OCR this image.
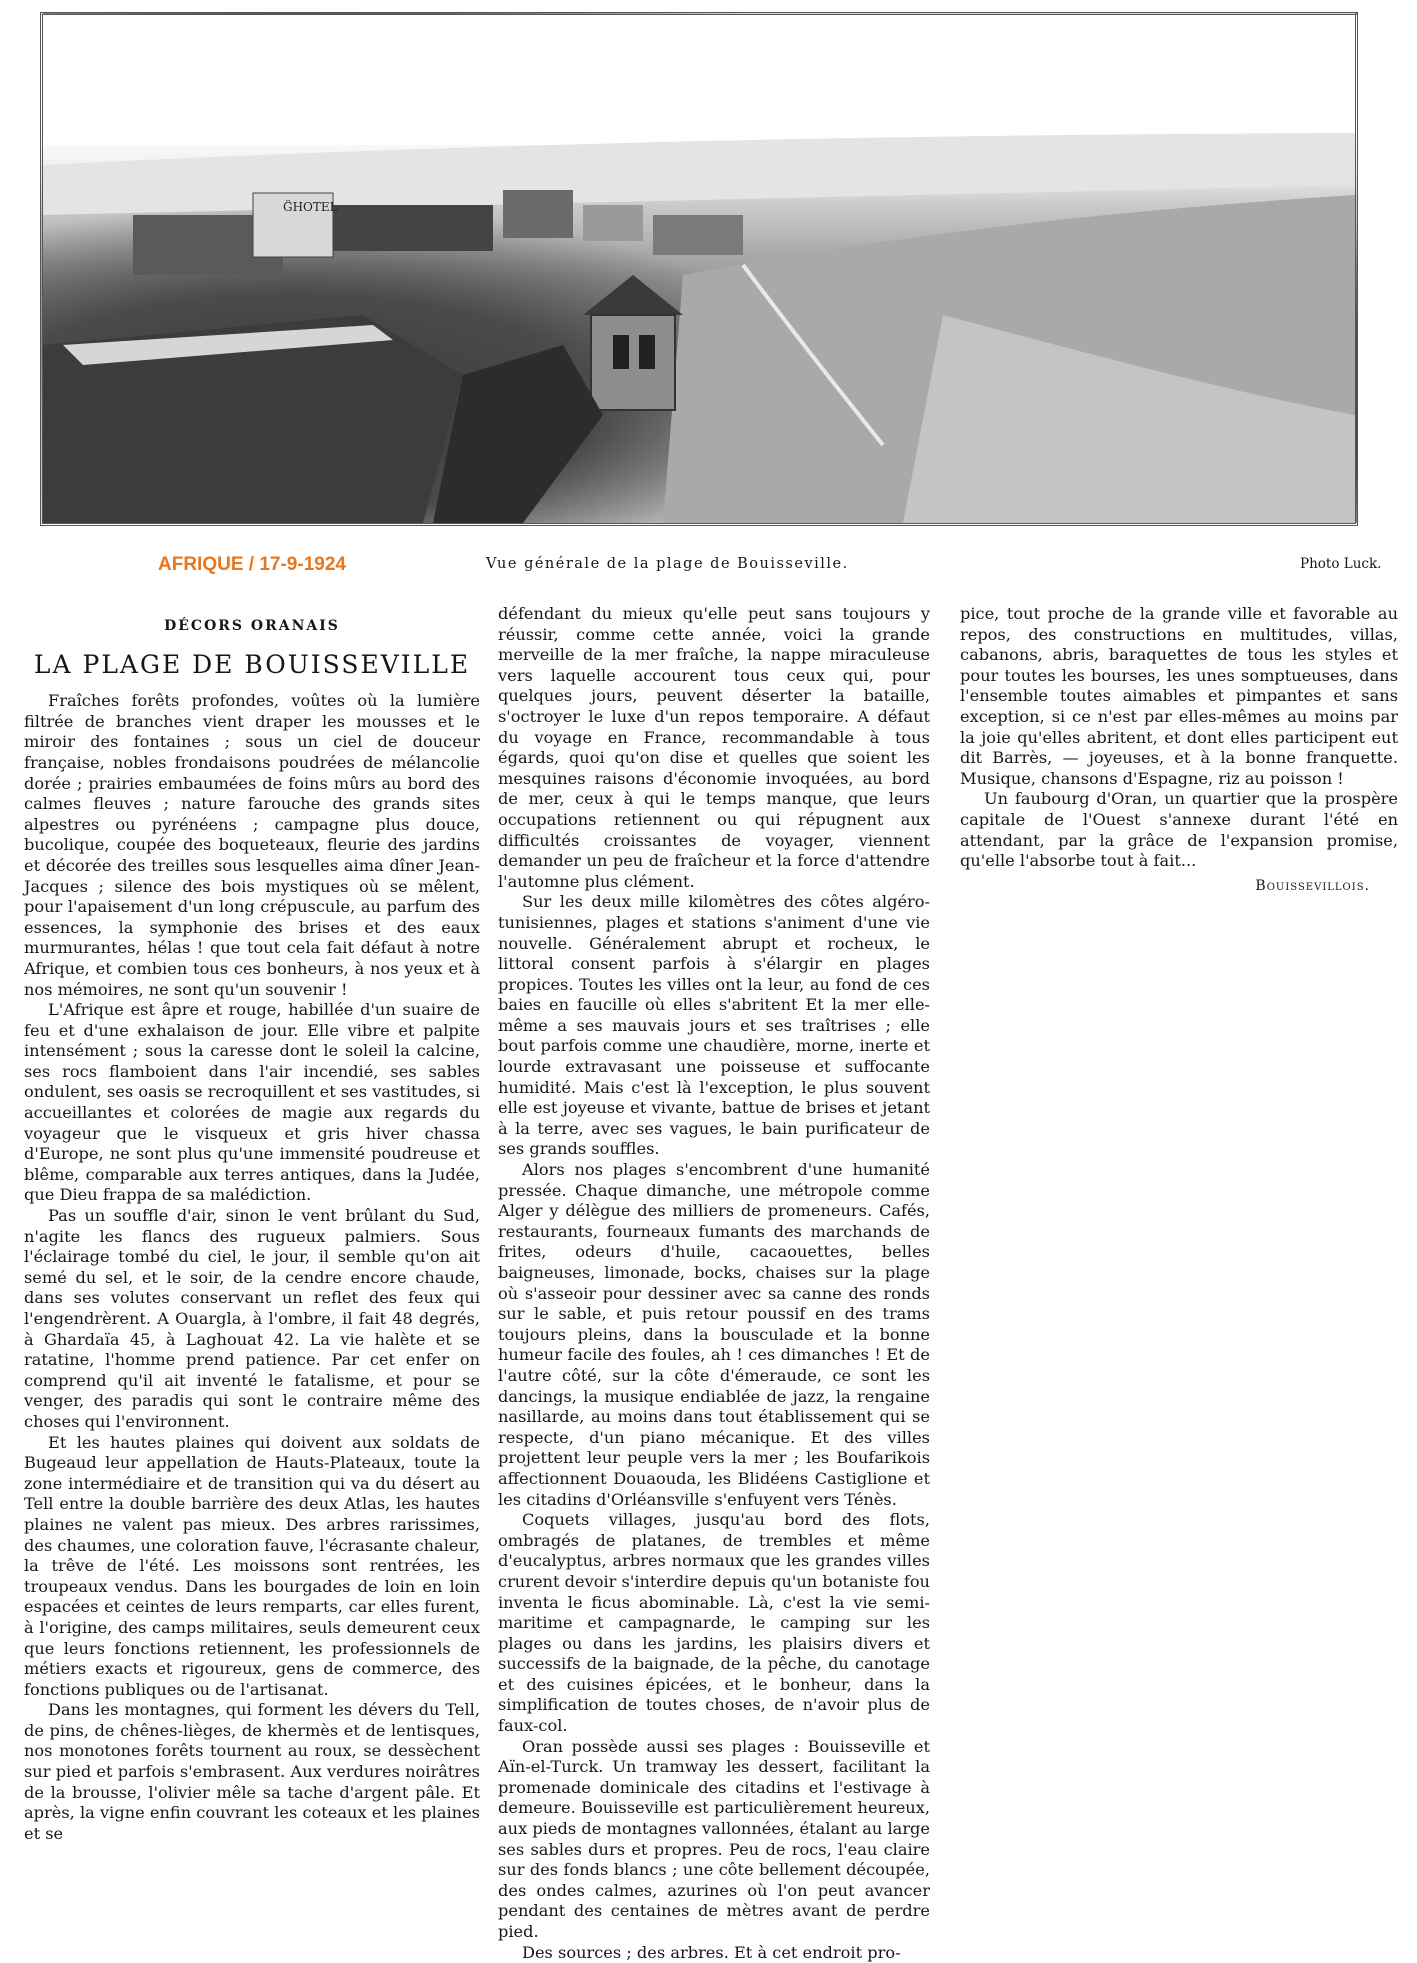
G̈HOTEL
AFRIQUE / 17-9-1924	Vue générale de la plage de Bouisseville.	Photo Luck.
DÉCORS ORANAIS
LA PLAGE DE BOUISSEVILLE

Fraîches forêts profondes, voûtes où la lumière filtrée de branches vient draper les mousses et le miroir des fontaines ; sous un ciel de douceur française, nobles frondaisons poudrées de mélancolie dorée ; prairies embaumées de foins mûrs au bord des calmes fleuves ; nature farouche des grands sites alpestres ou pyrénéens ; campagne plus douce, bucolique, coupée des boqueteaux, fleurie des jardins et décorée des treilles sous lesquelles aima dîner Jean-Jacques ; silence des bois mystiques où se mêlent, pour l'apaisement d'un long crépuscule, au parfum des essences, la symphonie des brises et des eaux murmurantes, hélas ! que tout cela fait défaut à notre Afrique, et combien tous ces bonheurs, à nos yeux et à nos mémoires, ne sont qu'un souvenir !

L'Afrique est âpre et rouge, habillée d'un suaire de feu et d'une exhalaison de jour. Elle vibre et palpite intensément ; sous la caresse dont le soleil la calcine, ses rocs flamboient dans l'air incendié, ses sables ondulent, ses oasis se recroquillent et ses vastitudes, si accueillantes et colorées de magie aux regards du voyageur que le visqueux et gris hiver chassa d'Europe, ne sont plus qu'une immensité poudreuse et blême, comparable aux terres antiques, dans la Judée, que Dieu frappa de sa malédiction.

Pas un souffle d'air, sinon le vent brûlant du Sud, n'agite les flancs des rugueux palmiers. Sous l'éclairage tombé du ciel, le jour, il semble qu'on ait semé du sel, et le soir, de la cendre encore chaude, dans ses volutes conservant un reflet des feux qui l'engendrèrent. A Ouargla, à l'ombre, il fait 48 degrés, à Ghardaïa 45, à Laghouat 42. La vie halète et se ratatine, l'homme prend patience. Par cet enfer on comprend qu'il ait inventé le fatalisme, et pour se venger, des paradis qui sont le contraire même des choses qui l'environnent.

Et les hautes plaines qui doivent aux soldats de Bugeaud leur appellation de Hauts-Plateaux, toute la zone intermédiaire et de transition qui va du désert au Tell entre la double barrière des deux Atlas, les hautes plaines ne valent pas mieux. Des arbres rarissimes, des chaumes, une coloration fauve, l'écrasante chaleur, la trêve de l'été. Les moissons sont rentrées, les troupeaux vendus. Dans les bourgades de loin en loin espacées et ceintes de leurs remparts, car elles furent, à l'origine, des camps militaires, seuls demeurent ceux que leurs fonctions retiennent, les professionnels de métiers exacts et rigoureux, gens de commerce, des fonctions publiques ou de l'artisanat.

Dans les montagnes, qui forment les dévers du Tell, de pins, de chênes-lièges, de khermès et de lentisques, nos monotones forêts tournent au roux, se dessèchent sur pied et parfois s'embrasent. Aux verdures noirâtres de la brousse, l'olivier mêle sa tache d'argent pâle. Et après, la vigne enfin couvrant les coteaux et les plaines et se

défendant du mieux qu'elle peut sans toujours y réussir, comme cette année, voici la grande merveille de la mer fraîche, la nappe miraculeuse vers laquelle accourent tous ceux qui, pour quelques jours, peuvent déserter la bataille, s'octroyer le luxe d'un repos temporaire. A défaut du voyage en France, recommandable à tous égards, quoi qu'on dise et quelles que soient les mesquines raisons d'économie invoquées, au bord de mer, ceux à qui le temps manque, que leurs occupations retiennent ou qui répugnent aux difficultés croissantes de voyager, viennent demander un peu de fraîcheur et la force d'attendre l'automne plus clément.

Sur les deux mille kilomètres des côtes algéro-tunisiennes, plages et stations s'animent d'une vie nouvelle. Généralement abrupt et rocheux, le littoral consent parfois à s'élargir en plages propices. Toutes les villes ont la leur, au fond de ces baies en faucille où elles s'abritent Et la mer elle-même a ses mauvais jours et ses traîtrises ; elle bout parfois comme une chaudière, morne, inerte et lourde extravasant une poisseuse et suffocante humidité. Mais c'est là l'exception, le plus souvent elle est joyeuse et vivante, battue de brises et jetant à la terre, avec ses vagues, le bain purificateur de ses grands souffles.

Alors nos plages s'encombrent d'une humanité pressée. Chaque dimanche, une métropole comme Alger y délègue des milliers de promeneurs. Cafés, restaurants, fourneaux fumants des marchands de frites, odeurs d'huile, cacaouettes, belles baigneuses, limonade, bocks, chaises sur la plage où s'asseoir pour dessiner avec sa canne des ronds sur le sable, et puis retour poussif en des trams toujours pleins, dans la bousculade et la bonne humeur facile des foules, ah ! ces dimanches ! Et de l'autre côté, sur la côte d'émeraude, ce sont les dancings, la musique endiablée de jazz, la rengaine nasillarde, au moins dans tout établissement qui se respecte, d'un piano mécanique. Et des villes projettent leur peuple vers la mer ; les Boufarikois affectionnent Douaouda, les Blidéens Castiglione et les citadins d'Orléansville s'enfuyent vers Ténès.

Coquets villages, jusqu'au bord des flots, ombragés de platanes, de trembles et même d'eucalyptus, arbres normaux que les grandes villes crurent devoir s'interdire depuis qu'un botaniste fou inventa le ficus abominable. Là, c'est la vie semi-maritime et campagnarde, le camping sur les plages ou dans les jardins, les plaisirs divers et successifs de la baignade, de la pêche, du canotage et des cuisines épicées, et le bonheur, dans la simplification de toutes choses, de n'avoir plus de faux-col.

Oran possède aussi ses plages : Bouisseville et Aïn-el-Turck. Un tramway les dessert, facilitant la promenade dominicale des citadins et l'estivage à demeure. Bouisseville est particulièrement heureux, aux pieds de montagnes vallonnées, étalant au large ses sables durs et propres. Peu de rocs, l'eau claire sur des fonds blancs ; une côte bellement découpée, des ondes calmes, azurines où l'on peut avancer pendant des centaines de mètres avant de perdre pied.

Des sources ; des arbres. Et à cet endroit pro-

pice, tout proche de la grande ville et favorable au repos, des constructions en multitudes, villas, cabanons, abris, baraquettes de tous les styles et pour toutes les bourses, les unes somptueuses, dans l'ensemble toutes aimables et pimpantes et sans exception, si ce n'est par elles-mêmes au moins par la joie qu'elles abritent, et dont elles participent eut dit Barrès, — joyeuses, et à la bonne franquette. Musique, chansons d'Espagne, riz au poisson !

Un faubourg d'Oran, un quartier que la prospère capitale de l'Ouest s'annexe durant l'été en attendant, par la grâce de l'expansion promise, qu'elle l'absorbe tout à fait...

Bouissevillois.
